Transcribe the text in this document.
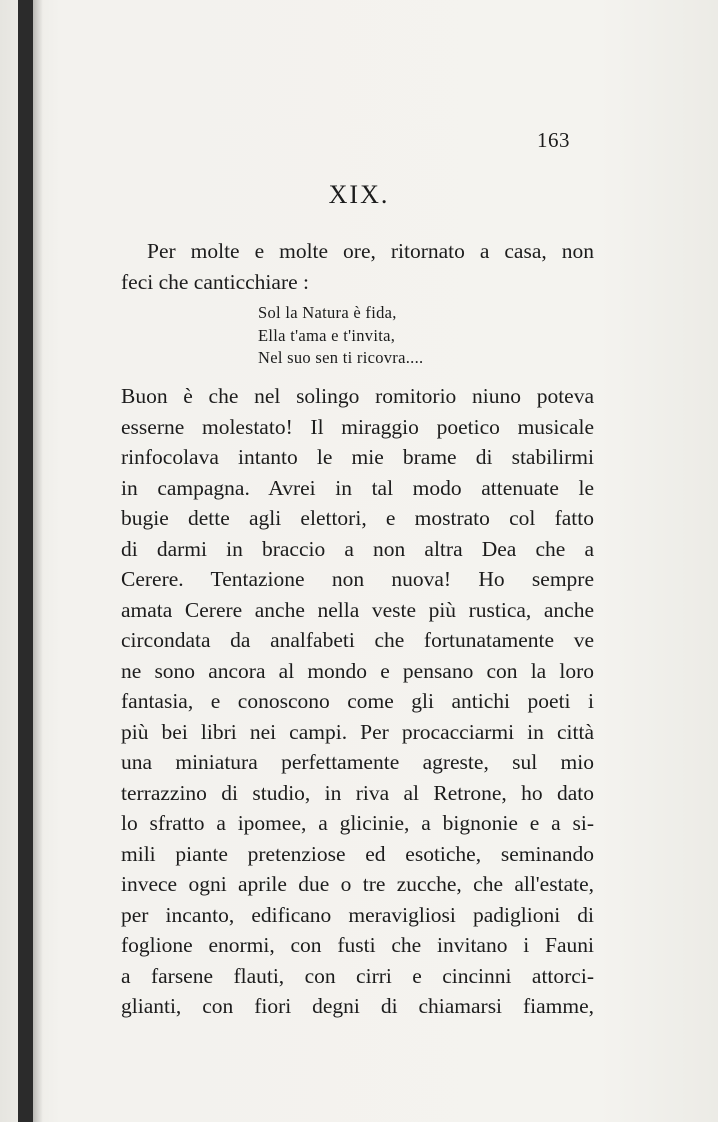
163
XIX.
Per molte e molte ore, ritornato a casa, non
feci che canticchiare :
Sol la Natura è fida,
Ella t'ama e t'invita,
Nel suo sen ti ricovra....
Buon è che nel solingo romitorio niuno poteva
esserne molestato! Il miraggio poetico musicale
rinfocolava intanto le mie brame di stabilirmi
in campagna. Avrei in tal modo attenuate le
bugie dette agli elettori, e mostrato col fatto
di darmi in braccio a non altra Dea che a
Cerere. Tentazione non nuova! Ho sempre
amata Cerere anche nella veste più rustica, anche
circondata da analfabeti che fortunatamente ve
ne sono ancora al mondo e pensano con la loro
fantasia, e conoscono come gli antichi poeti i
più bei libri nei campi. Per procacciarmi in città
una miniatura perfettamente agreste, sul mio
terrazzino di studio, in riva al Retrone, ho dato
lo sfratto a ipomee, a glicinie, a bignonie e a si-
mili piante pretenziose ed esotiche, seminando
invece ogni aprile due o tre zucche, che all'estate,
per incanto, edificano meravigliosi padiglioni di
foglione enormi, con fusti che invitano i Fauni
a farsene flauti, con cirri e cincinni attorci-
glianti, con fiori degni di chiamarsi fiamme,
